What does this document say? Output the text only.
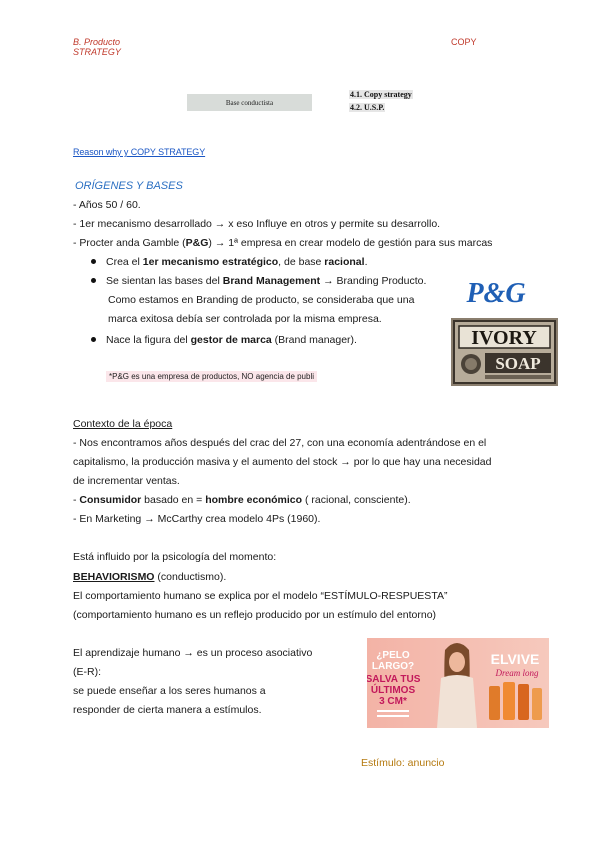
B. Producto
STRATEGY
COPY
Base conductista
4.1. Copy strategy
4.2. U.S.P.
Reason why y COPY STRATEGY
ORÍGENES Y BASES
- Años 50 / 60.
- 1er mecanismo desarrollado → x eso Influye en otros y permite su desarrollo.
- Procter anda Gamble (P&G) → 1ª empresa en crear modelo de gestión para sus marcas
Crea el 1er mecanismo estratégico, de base racional.
Se sientan las bases del Brand Management → Branding Producto.
Como estamos en Branding de producto, se consideraba que una
marca exitosa debía ser controlada por la misma empresa.
Nace la figura del gestor de marca (Brand manager).
*P&G es una empresa de productos, NO agencia de publi
P&G
IVORY
SOAP
Contexto de la época
- Nos encontramos años después del crac del 27, con una economía adentrándose en el
capitalismo, la producción masiva y el aumento del stock → por lo que hay una necesidad
de incrementar ventas.
- Consumidor basado en = hombre económico ( racional, consciente).
- En Marketing → McCarthy crea modelo 4Ps (1960).
Está influido por la psicología del momento:
BEHAVIORISMO (conductismo).
El comportamiento humano se explica por el modelo “ESTÍMULO-RESPUESTA”
(comportamiento humano es un reflejo producido por un estímulo del entorno)
El aprendizaje humano → es un proceso asociativo
(E-R):
se puede enseñar a los seres humanos a
responder de cierta manera a estímulos.
¿PELO
LARGO?
SALVA TUS
ÚLTIMOS
3 CM*
ELVIVE
Dream long
Estímulo: anuncio
